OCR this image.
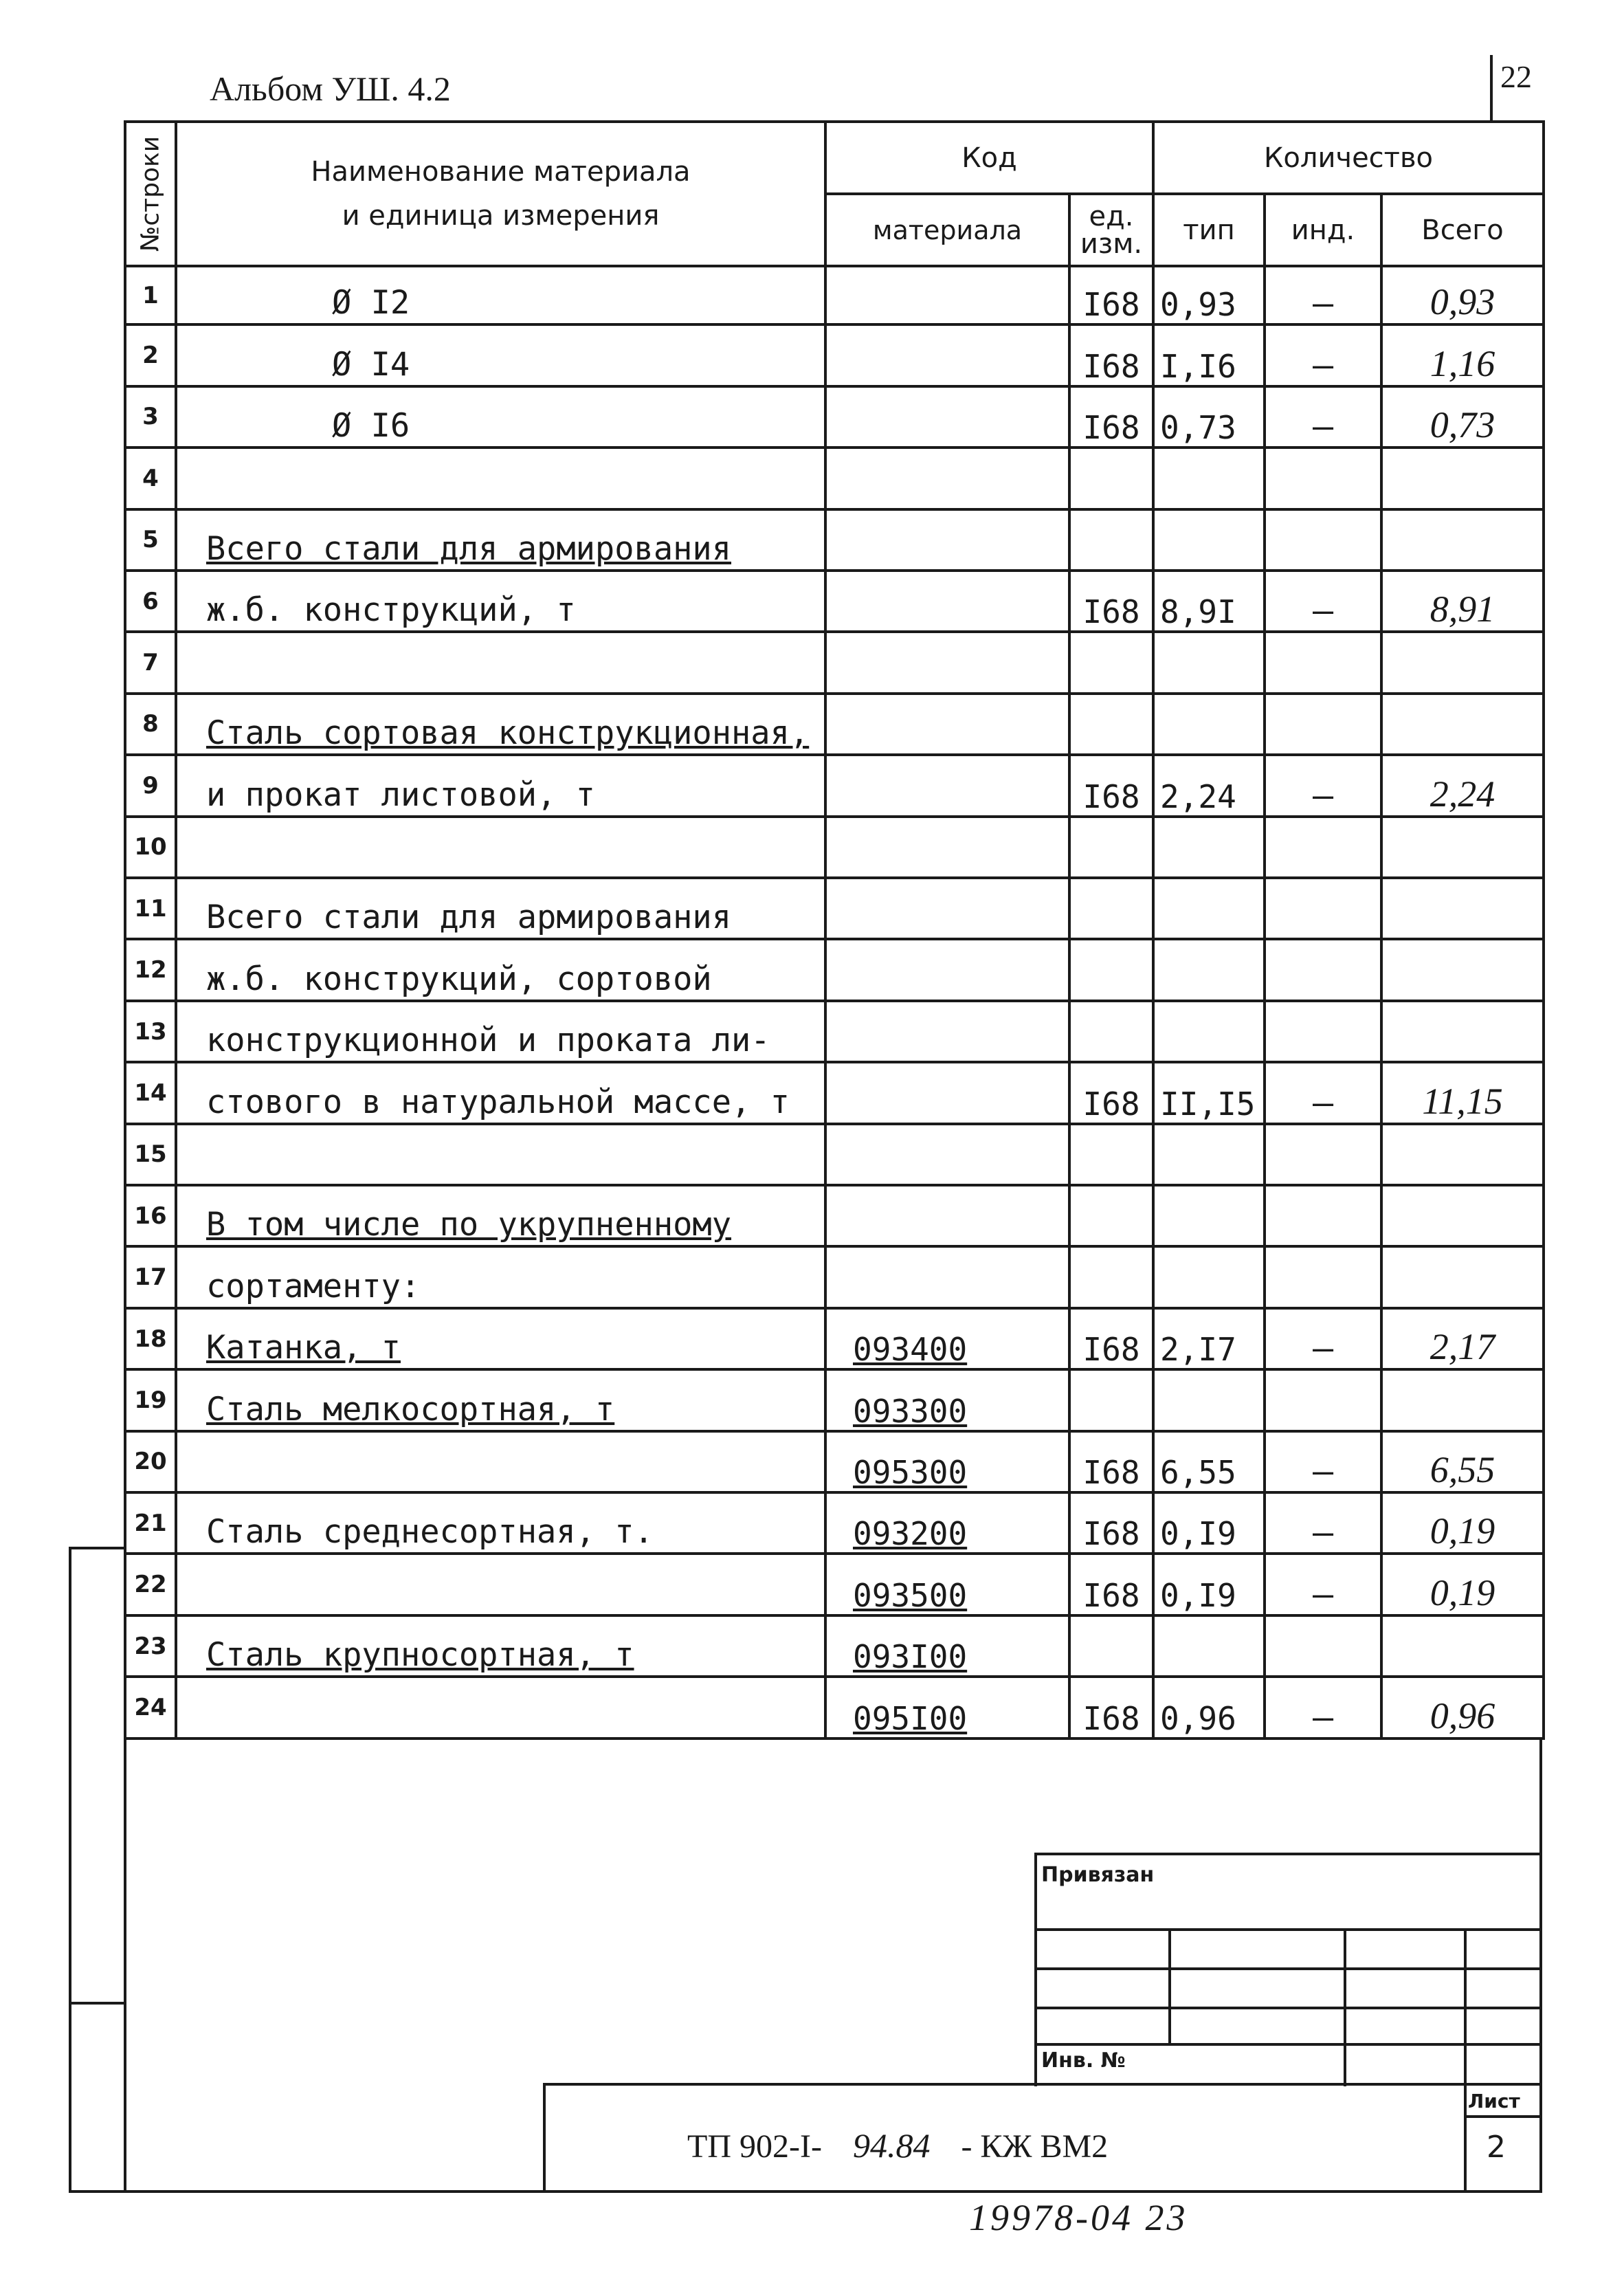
Альбом УШ. 4.2	22
№строки	Наименование материала
и единица измерения	Код		Количество		
		материала	ед. изм.	тип	инд.	Всего
1	Ø I2		I68	0,93	–	0,93
2	Ø I4		I68	I,I6	–	1,16
3	Ø I6		I68	0,73	–	0,73
4						
5	Всего стали для армирования					
6	ж.б. конструкций, т		I68	8,9I	–	8,91
7						
8	Сталь сортовая конструкционная,					
9	и прокат листовой, т		I68	2,24	–	2,24
10						
11	Всего стали для армирования					
12	ж.б. конструкций, сортовой					
13	конструкционной и проката ли-					
14	стового в натуральной массе, т		I68	II,I5	–	11,15
15						
16	В том числе по укрупненному					
17	сортаменту:					
18	Катанка, т	093400	I68	2,I7	–	2,17
19	Сталь мелкосортная, т	093300				
20		095300	I68	6,55	–	6,55
21	Сталь среднесортная, т.	093200	I68	0,I9	–	0,19
22		093500	I68	0,I9	–	0,19
23	Сталь крупносортная, т	093I00				
24		095I00	I68	0,96	–	0,96
Привязан
Инв. №
Лист
2
ТП 902-I- 94.84 - КЖ ВМ2
19978-04 23
